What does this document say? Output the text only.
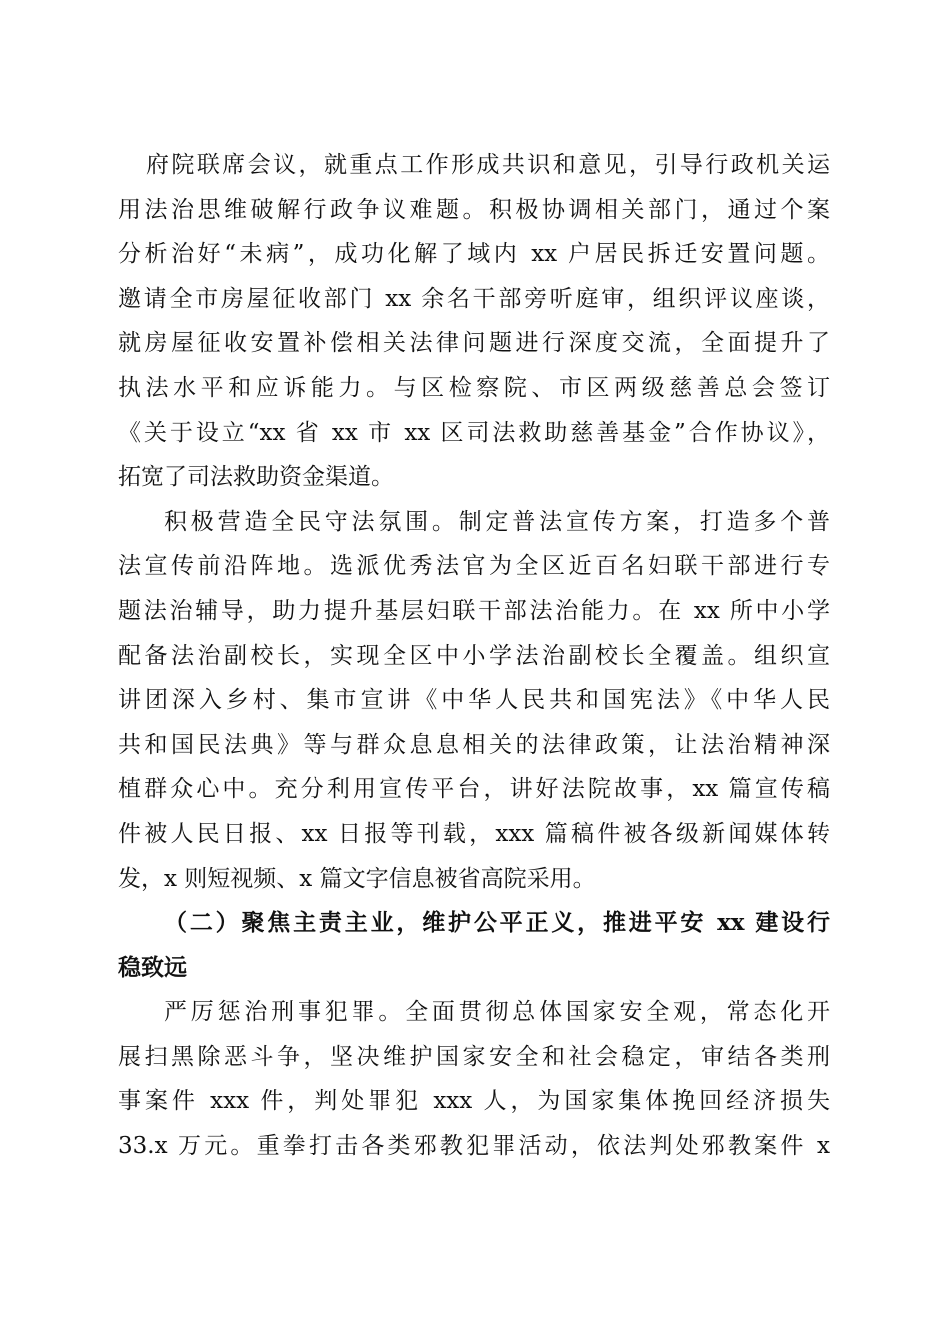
府院联席会议，就重点工作形成共识和意见，引导行政机关运
用法治思维破解行政争议难题。积极协调相关部门，通过个案
分析治好“未病”，成功化解了域内 xx 户居民拆迁安置问题。
邀请全市房屋征收部门 xx 余名干部旁听庭审，组织评议座谈，
就房屋征收安置补偿相关法律问题进行深度交流，全面提升了
执法水平和应诉能力。与区检察院、市区两级慈善总会签订
《关于设立“xx 省 xx 市 xx 区司法救助慈善基金”合作协议》，
拓宽了司法救助资金渠道。
积极营造全民守法氛围。制定普法宣传方案，打造多个普
法宣传前沿阵地。选派优秀法官为全区近百名妇联干部进行专
题法治辅导，助力提升基层妇联干部法治能力。在 xx 所中小学
配备法治副校长，实现全区中小学法治副校长全覆盖。组织宣
讲团深入乡村、集市宣讲《中华人民共和国宪法》《中华人民
共和国民法典》等与群众息息相关的法律政策，让法治精神深
植群众心中。充分利用宣传平台，讲好法院故事，xx 篇宣传稿
件被人民日报、xx 日报等刊载，xxx 篇稿件被各级新闻媒体转
发，x 则短视频、x 篇文字信息被省高院采用。
（二）聚焦主责主业，维护公平正义，推进平安 xx 建设行
稳致远
严厉惩治刑事犯罪。全面贯彻总体国家安全观，常态化开
展扫黑除恶斗争，坚决维护国家安全和社会稳定，审结各类刑
事案件 xxx 件，判处罪犯 xxx 人，为国家集体挽回经济损失
33.x 万元。重拳打击各类邪教犯罪活动，依法判处邪教案件 x
